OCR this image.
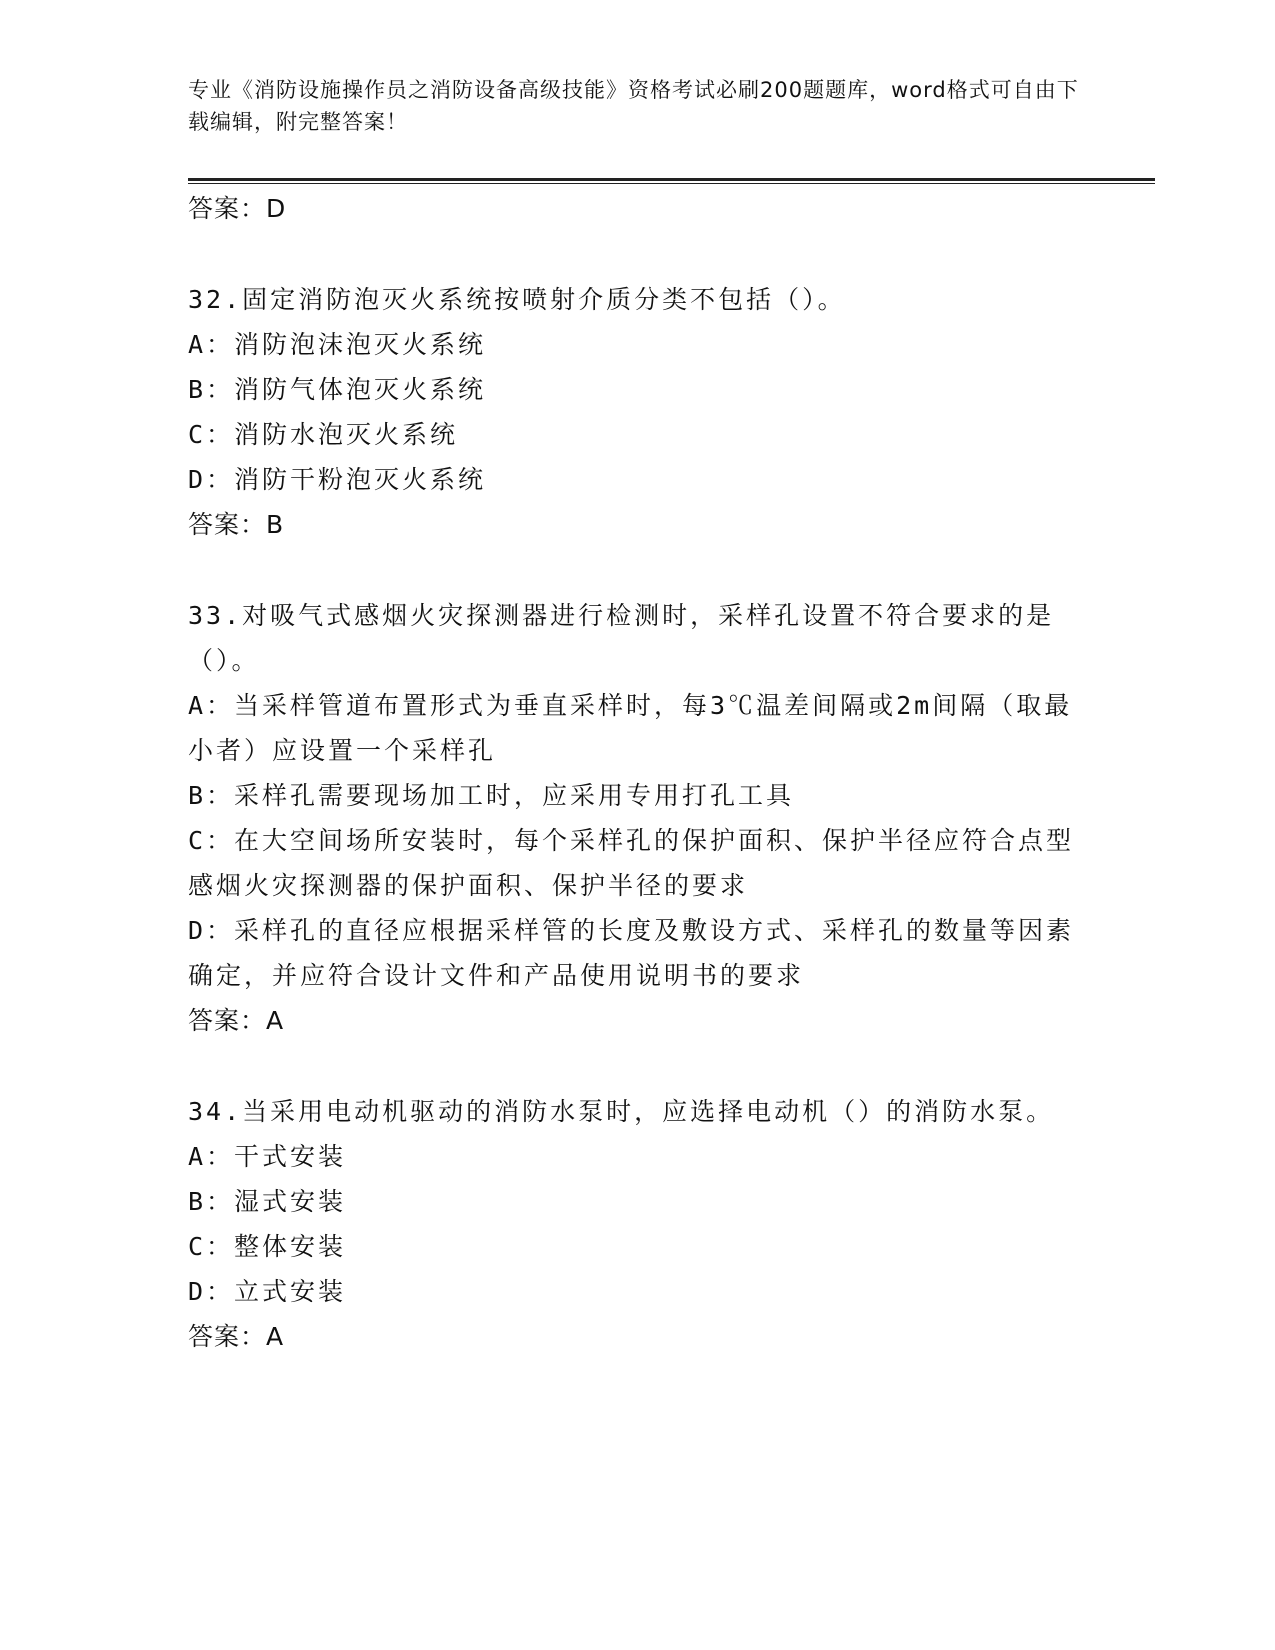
专业《消防设施操作员之消防设备高级技能》资格考试必刷200题题库，word格式可自由下载编辑，附完整答案！

答案：D

32.固定消防泡灭火系统按喷射介质分类不包括（）。

A：消防泡沫泡灭火系统

B：消防气体泡灭火系统

C：消防水泡灭火系统

D：消防干粉泡灭火系统

答案：B

33.对吸气式感烟火灾探测器进行检测时，采样孔设置不符合要求的是（）。

A：当采样管道布置形式为垂直采样时，每3℃温差间隔或2m间隔（取最小者）应设置一个采样孔

B：采样孔需要现场加工时，应采用专用打孔工具

C：在大空间场所安装时，每个采样孔的保护面积、保护半径应符合点型感烟火灾探测器的保护面积、保护半径的要求

D：采样孔的直径应根据采样管的长度及敷设方式、采样孔的数量等因素确定，并应符合设计文件和产品使用说明书的要求

答案：A

34.当采用电动机驱动的消防水泵时，应选择电动机（）的消防水泵。

A：干式安装

B：湿式安装

C：整体安装

D：立式安装

答案：A
